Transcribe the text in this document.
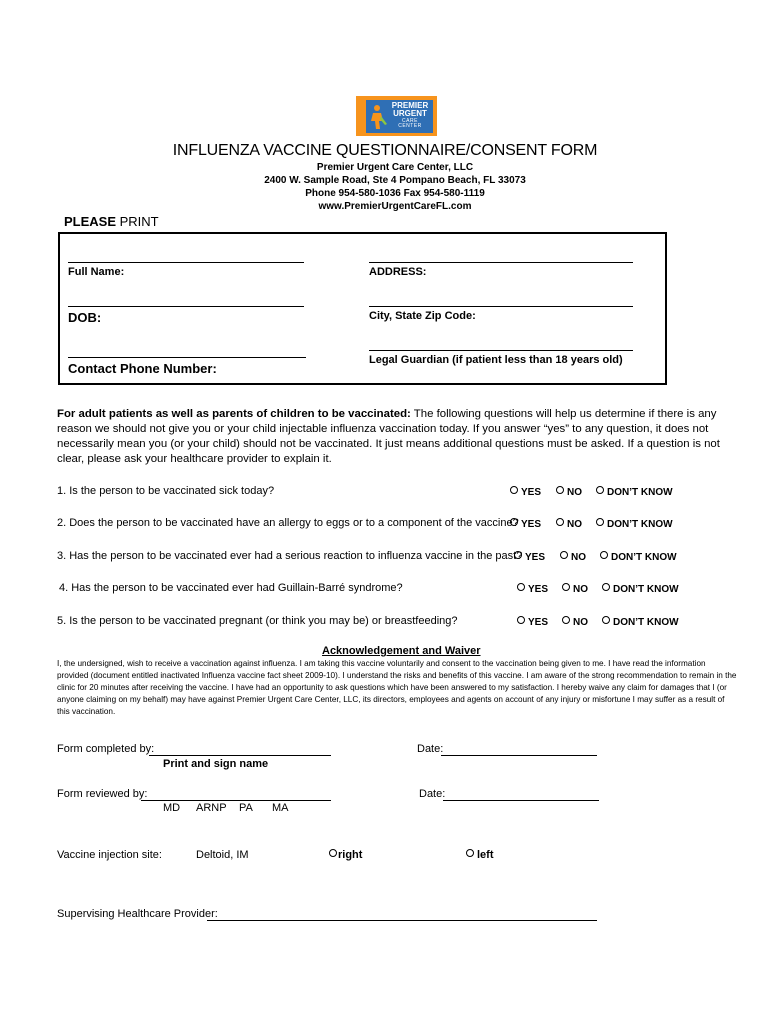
PREMIER
URGENT
CARE
CENTER
INFLUENZA VACCINE QUESTIONNAIRE/CONSENT FORM
Premier Urgent Care Center, LLC
2400 W. Sample Road, Ste 4 Pompano Beach, FL 33073
Phone 954-580-1036 Fax 954-580-1119
www.PremierUrgentCareFL.com
PLEASE PRINT
Full Name:	ADDRESS:
DOB:	City, State Zip Code:
Contact Phone Number:
Legal Guardian (if patient less than 18 years old)
For adult patients as well as parents of children to be vaccinated: The following questions will help us determine if there is any reason we should not give you or your child injectable influenza vaccination today. If you answer “yes” to any question, it does not necessarily mean you (or your child) should not be vaccinated. It just means additional questions must be asked. If a question is not clear, please ask your healthcare provider to explain it.
1. Is the person to be vaccinated sick today?	YES	NO	DON’T KNOW
2. Does the person to be vaccinated have an allergy to eggs or to a component of the vaccine? YES	NO	DON’T KNOW
3. Has the person to be vaccinated ever had a serious reaction to influenza vaccine in the past? YES	NO	DON’T KNOW
4. Has the person to be vaccinated ever had Guillain-Barré syndrome?	YES	NO	DON’T KNOW
5. Is the person to be vaccinated pregnant (or think you may be) or breastfeeding?	YES	NO	DON’T KNOW
Acknowledgement and Waiver
I, the undersigned, wish to receive a vaccination against influenza. I am taking this vaccine voluntarily and consent to the vaccination being given to me. I have read the information provided (document entitled inactivated Influenza vaccine fact sheet 2009-10). I understand the risks and benefits of this vaccine. I am aware of the strong recommendation to remain in the clinic for 20 minutes after receiving the vaccine. I have had an opportunity to ask questions which have been answered to my satisfaction. I hereby waive any claim for damages that I (or anyone claiming on my behalf) may have against Premier Urgent Care Center, LLC, its directors, employees and agents on account of any injury or misfortune I may suffer as a result of this vaccination.
Form completed by:	Date:
Print and sign name
Form reviewed by:	Date:
MD ARNP PA MA
Vaccine injection site:	Deltoid, IM	right	left
Supervising Healthcare Provider:
